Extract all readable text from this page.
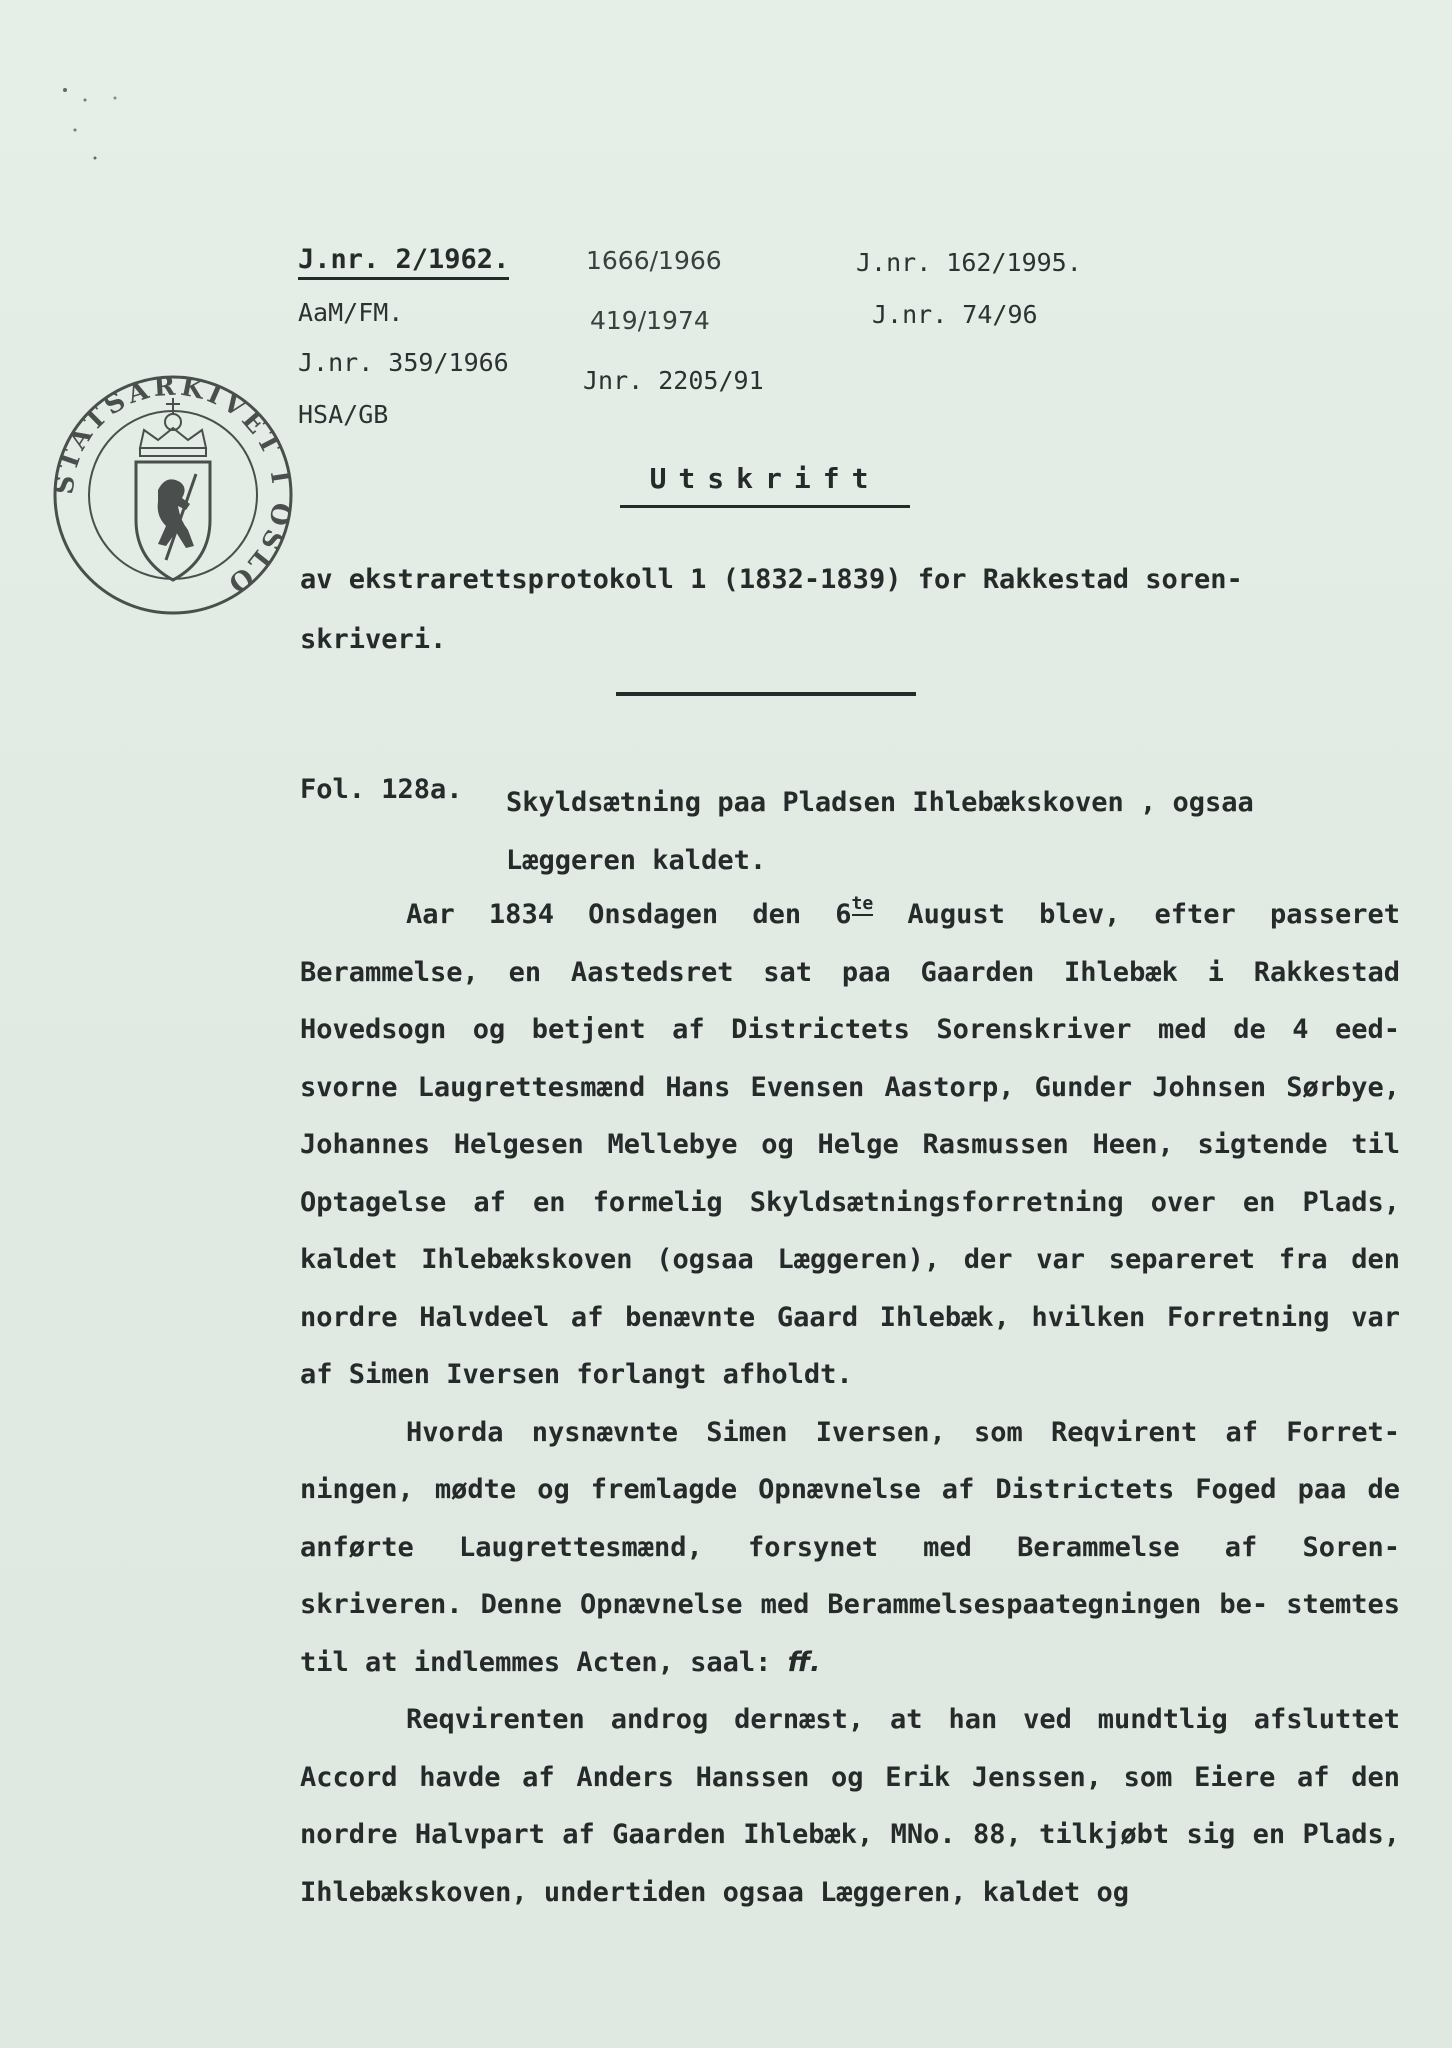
J.nr. 2/1962.
AaM/FM.
J.nr. 359/1966
HSA/GB
1666/1966
419/1974
Jnr. 2205/91
J.nr. 162/1995.
J.nr. 74/96
STATSARKIVET I OSLO
Utskrift
av ekstrarettsprotokoll 1 (1832-1839) for Rakkestad soren- skriveri.
Fol. 128a. Skyldsætning paa Pladsen Ihlebækskoven , ogsaa Læggeren kaldet.

Aar 1834 Onsdagen den $6^{te}$ August blev, efter passeret Berammelse, en Aastedsret sat paa Gaarden Ihlebæk i Rakkestad Hovedsogn og betjent af Districtets Sorenskriver med de 4 eed- svorne Laugrettesmænd Hans Evensen Aastorp, Gunder Johnsen Sørbye, Johannes Helgesen Mellebye og Helge Rasmussen Heen, sigtende til Optagelse af en formelig Skyldsætningsforretning over en Plads, kaldet Ihlebækskoven (ogsaa Læggeren), der var separeret fra den nordre Halvdeel af benævnte Gaard Ihlebæk, hvilken Forretning var af Simen Iversen forlangt afholdt.

Hvorda nysnævnte Simen Iversen, som Reqvirent af Forret- ningen, mødte og fremlagde Opnævnelse af Districtets Foged paa de anførte Laugrettesmænd, forsynet med Berammelse af Soren- skriveren. Denne Opnævnelse med Berammelsespaategningen be- stemtes til at indlemmes Acten, saal: ff.

Reqvirenten androg dernæst, at han ved mundtlig afsluttet Accord havde af Anders Hanssen og Erik Jenssen, som Eiere af den nordre Halvpart af Gaarden Ihlebæk, MNo. 88, tilkjøbt sig en Plads, Ihlebækskoven, undertiden ogsaa Læggeren, kaldet og
